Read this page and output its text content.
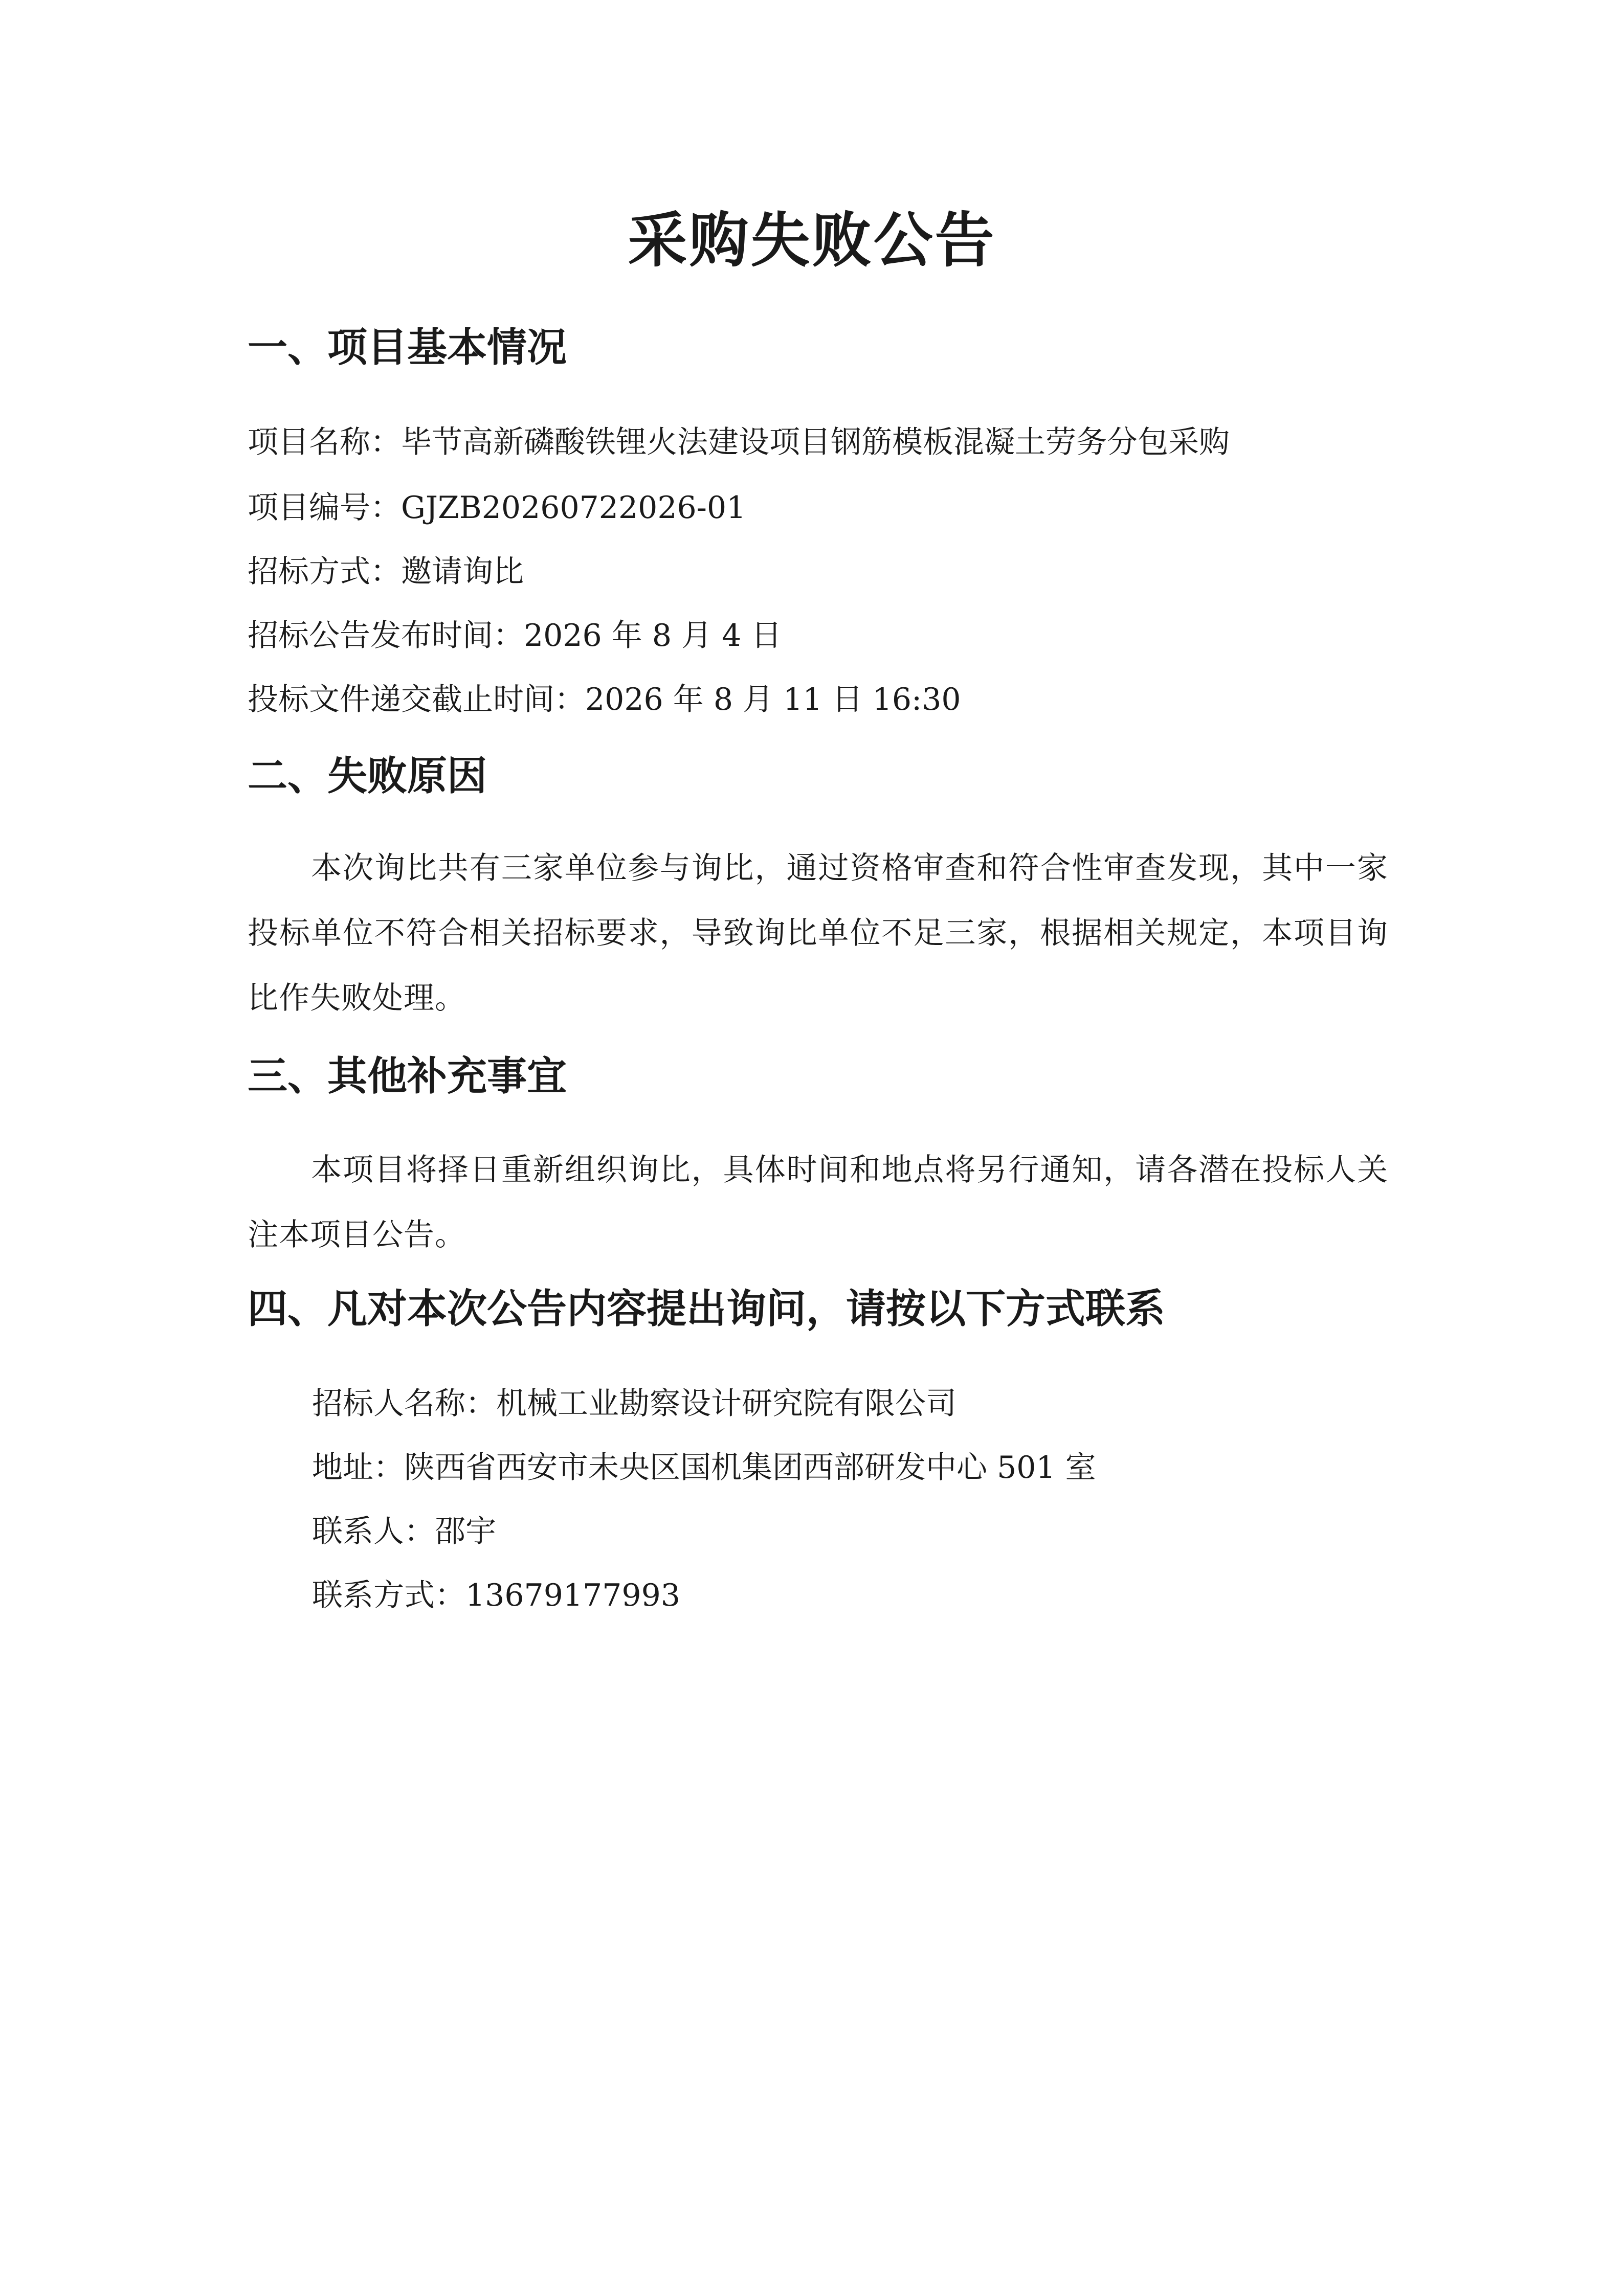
采购失败公告
一、项目基本情况
项目名称：毕节高新磷酸铁锂火法建设项目钢筋模板混凝土劳务分包采购
项目编号：GJZB20260722026-01
招标方式：邀请询比
招标公告发布时间：2026 年 8 月 4 日
投标文件递交截止时间：2026 年 8 月 11 日 16:30
二、失败原因
本次询比共有三家单位参与询比，通过资格审查和符合性审查发现，其中一家投标单位不符合相关招标要求，导致询比单位不足三家，根据相关规定，本项目询比作失败处理。
三、其他补充事宜
本项目将择日重新组织询比，具体时间和地点将另行通知，请各潜在投标人关注本项目公告。
四、凡对本次公告内容提出询问，请按以下方式联系
招标人名称：机械工业勘察设计研究院有限公司
地址：陕西省西安市未央区国机集团西部研发中心 501 室
联系人：邵宇
联系方式：13679177993
